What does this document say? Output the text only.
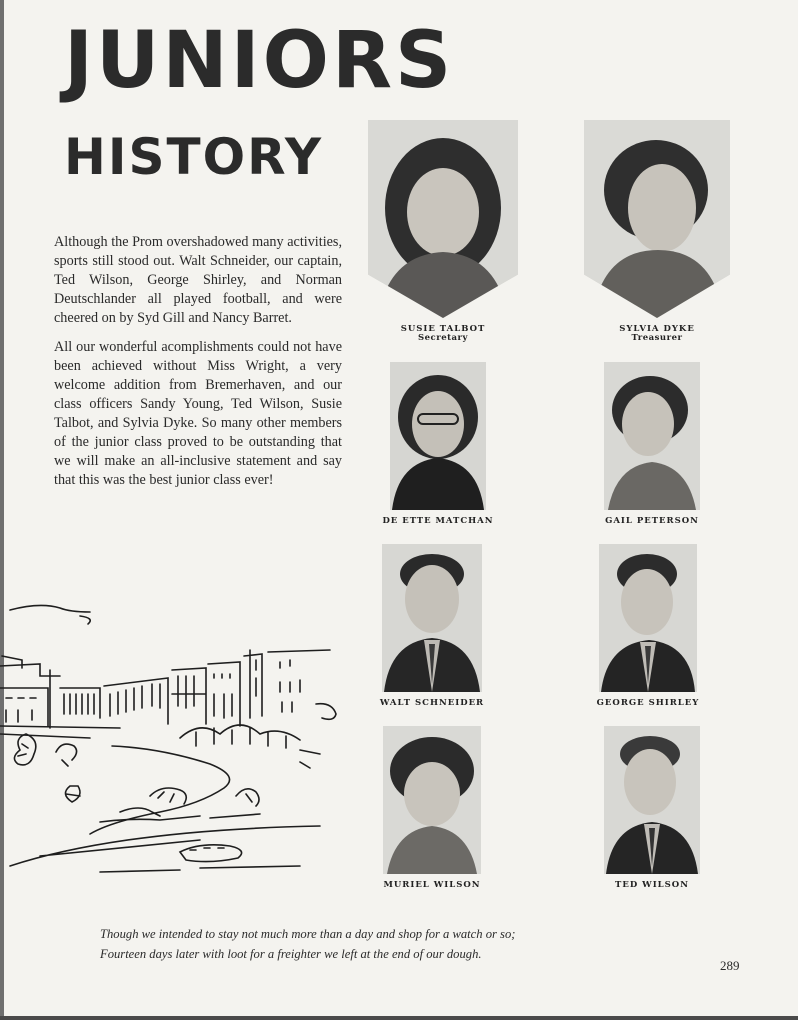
JUNIORS
HISTORY

Although the Prom overshadowed many activities, sports still stood out. Walt Schneider, our captain, Ted Wilson, George Shirley, and Norman Deutschlander all played football, and were cheered on by Syd Gill and Nancy Barret.

All our wonderful acomplishments could not have been achieved without Miss Wright, a very welcome addition from Bremerhaven, and our class officers Sandy Young, Ted Wilson, Susie Talbot, and Sylvia Dyke. So many other members of the junior class proved to be outstanding that we will make an all-inclusive statement and say that this was the best junior class ever!

SUSIE TALBOT
Secretary
SYLVIA DYKE
Treasurer
DE ETTE MATCHAN	GAIL PETERSON
WALT SCHNEIDER	GEORGE SHIRLEY
MURIEL WILSON	TED WILSON
Though we intended to stay not much more than a day and shop for a watch or so;
Fourteen days later with loot for a freighter we left at the end of our dough.
289
